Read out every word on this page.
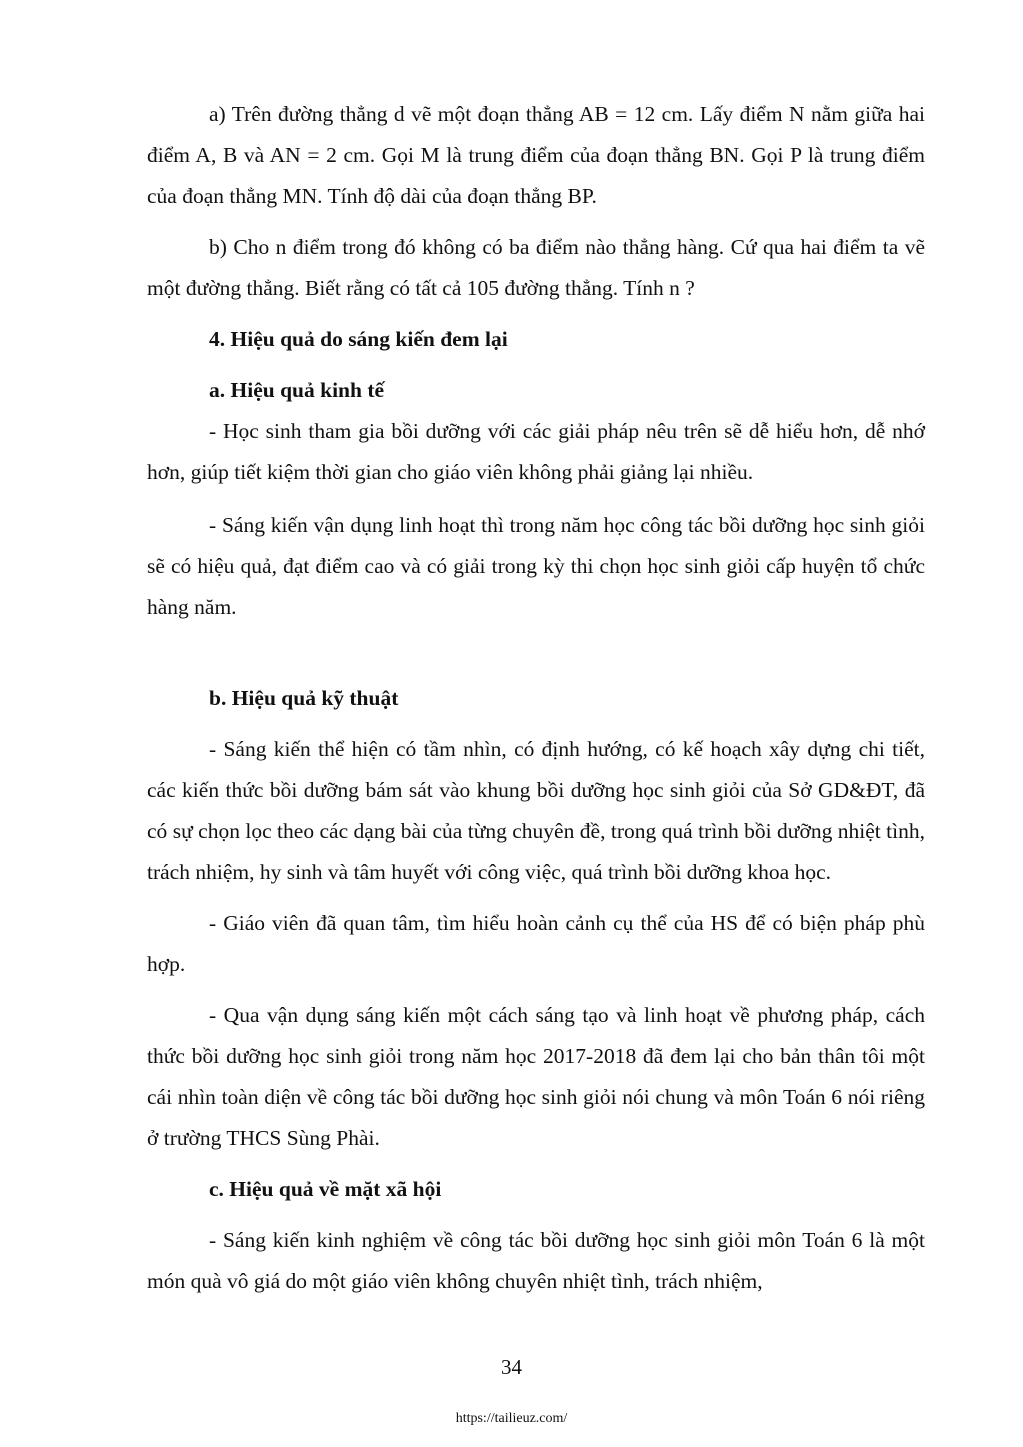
a) Trên đường thẳng d vẽ một đoạn thẳng AB = 12 cm. Lấy điểm N nằm giữa hai điểm A, B và AN = 2 cm. Gọi M là trung điểm của đoạn thẳng BN. Gọi P là trung điểm của đoạn thẳng MN. Tính độ dài của đoạn thẳng BP.

b) Cho n điểm trong đó không có ba điểm nào thẳng hàng. Cứ qua hai điểm ta vẽ một đường thẳng. Biết rằng có tất cả 105 đường thẳng. Tính n ?

4. Hiệu quả do sáng kiến đem lại

a. Hiệu quả kinh tế

- Học sinh tham gia bồi dưỡng với các giải pháp nêu trên sẽ dễ hiểu hơn, dễ nhớ hơn, giúp tiết kiệm thời gian cho giáo viên không phải giảng lại nhiều.

- Sáng kiến vận dụng linh hoạt thì trong năm học công tác bồi dưỡng học sinh giỏi sẽ có hiệu quả, đạt điểm cao và có giải trong kỳ thi chọn học sinh giỏi cấp huyện tổ chức hàng năm.

b. Hiệu quả kỹ thuật

- Sáng kiến thể hiện có tầm nhìn, có định hướng, có kế hoạch xây dựng chi tiết, các kiến thức bồi dưỡng bám sát vào khung bồi dưỡng học sinh giỏi của Sở GD&ĐT, đã có sự chọn lọc theo các dạng bài của từng chuyên đề, trong quá trình bồi dưỡng nhiệt tình, trách nhiệm, hy sinh và tâm huyết với công việc, quá trình bồi dưỡng khoa học.

- Giáo viên đã quan tâm, tìm hiểu hoàn cảnh cụ thể của HS để có biện pháp phù hợp.

- Qua vận dụng sáng kiến một cách sáng tạo và linh hoạt về phương pháp, cách thức bồi dưỡng học sinh giỏi trong năm học 2017-2018 đã đem lại cho bản thân tôi một cái nhìn toàn diện về công tác bồi dưỡng học sinh giỏi nói chung và môn Toán 6 nói riêng ở trường THCS Sùng Phài.

c. Hiệu quả về mặt xã hội

- Sáng kiến kinh nghiệm về công tác bồi dưỡng học sinh giỏi môn Toán 6 là một món quà vô giá do một giáo viên không chuyên nhiệt tình, trách nhiệm,

34
https://tailieuz.com/
